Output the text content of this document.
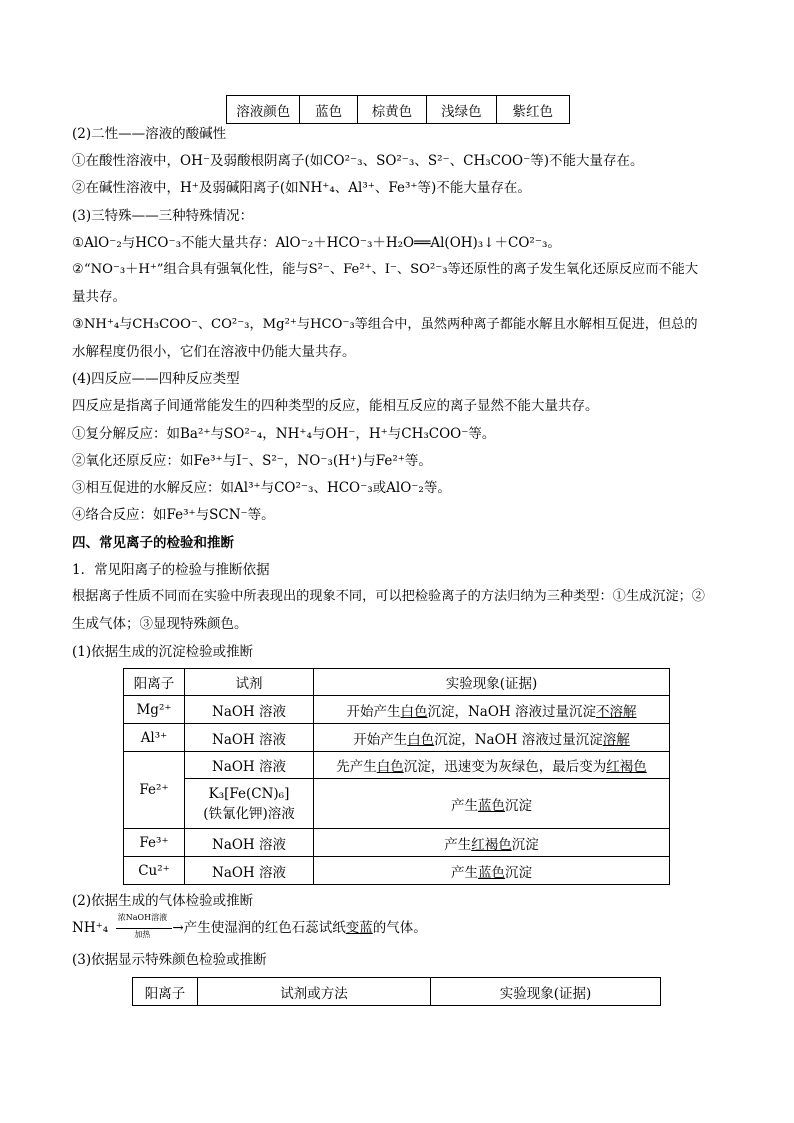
溶液颜色	蓝色	棕黄色	浅绿色	紫红色
(2)二性——溶液的酸碱性
①在酸性溶液中，OH⁻及弱酸根阴离子(如CO²⁻₃、SO²⁻₃、S²⁻、CH₃COO⁻等)不能大量存在。
②在碱性溶液中，H⁺及弱碱阳离子(如NH⁺₄、Al³⁺、Fe³⁺等)不能大量存在。
(3)三特殊——三种特殊情况：
①AlO⁻₂与HCO⁻₃不能大量共存：AlO⁻₂＋HCO⁻₃＋H₂O══Al(OH)₃↓＋CO²⁻₃。
②“NO⁻₃＋H⁺”组合具有强氧化性，能与S²⁻、Fe²⁺、I⁻、SO²⁻₃等还原性的离子发生氧化还原反应而不能大
量共存。
③NH⁺₄与CH₃COO⁻、CO²⁻₃，Mg²⁺与HCO⁻₃等组合中，虽然两种离子都能水解且水解相互促进，但总的
水解程度仍很小，它们在溶液中仍能大量共存。
(4)四反应——四种反应类型
四反应是指离子间通常能发生的四种类型的反应，能相互反应的离子显然不能大量共存。
①复分解反应：如Ba²⁺与SO²⁻₄，NH⁺₄与OH⁻，H⁺与CH₃COO⁻等。
②氧化还原反应：如Fe³⁺与I⁻、S²⁻，NO⁻₃(H⁺)与Fe²⁺等。
③相互促进的水解反应：如Al³⁺与CO²⁻₃、HCO⁻₃或AlO⁻₂等。
④络合反应：如Fe³⁺与SCN⁻等。
四、常见离子的检验和推断
1．常见阳离子的检验与推断依据
根据离子性质不同而在实验中所表现出的现象不同，可以把检验离子的方法归纳为三种类型：①生成沉淀；②
生成气体；③显现特殊颜色。
(1)依据生成的沉淀检验或推断
阳离子	试剂	实验现象(证据)
Mg²⁺	NaOH 溶液	开始产生白色沉淀，NaOH 溶液过量沉淀不溶解
Al³⁺	NaOH 溶液	开始产生白色沉淀，NaOH 溶液过量沉淀溶解
Fe²⁺	NaOH 溶液	先产生白色沉淀，迅速变为灰绿色，最后变为红褐色

	K₃[Fe(CN)₆]
(铁氰化钾)溶液	产生蓝色沉淀
Fe³⁺	NaOH 溶液	产生红褐色沉淀
Cu²⁺	NaOH 溶液	产生蓝色沉淀
(2)依据生成的气体检验或推断
NH⁺₄
浓NaOH溶液
加热	→产生使湿润的红色石蕊试纸变蓝的气体。
(3)依据显示特殊颜色检验或推断
阳离子	试剂或方法	实验现象(证据)
